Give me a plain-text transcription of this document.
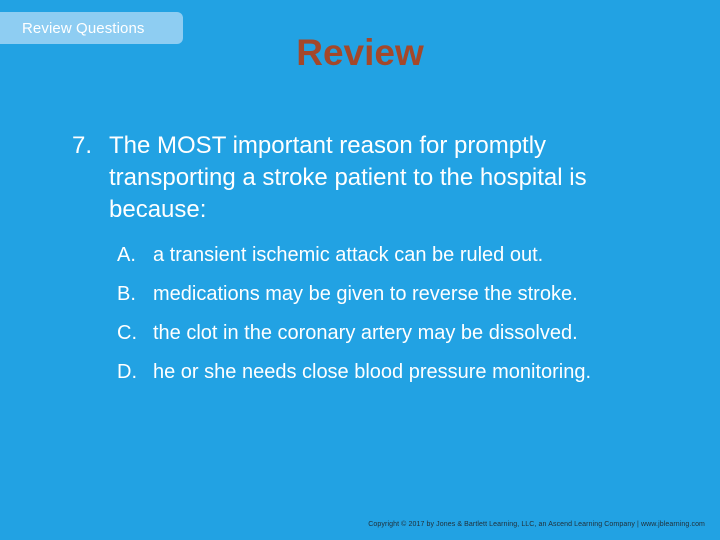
Review Questions
Review
7. The MOST important reason for promptly transporting a stroke patient to the hospital is because:
A. a transient ischemic attack can be ruled out.
B. medications may be given to reverse the stroke.
C. the clot in the coronary artery may be dissolved.
D. he or she needs close blood pressure monitoring.
Copyright © 2017 by Jones & Bartlett Learning, LLC, an Ascend Learning Company | www.jblearning.com
